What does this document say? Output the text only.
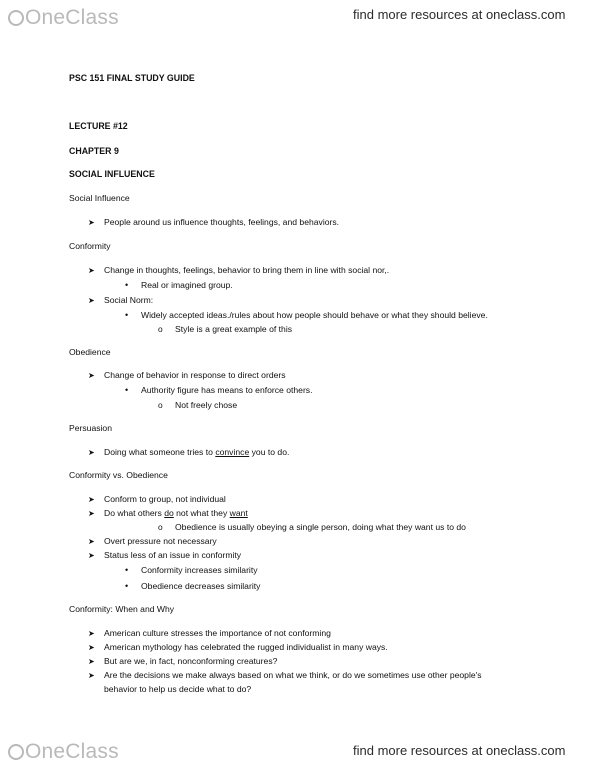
OneClass	find more resources at oneclass.com
PSC 151 FINAL STUDY GUIDE
LECTURE #12
CHAPTER 9
SOCIAL INFLUENCE
Social Influence
➤ People around us influence thoughts, feelings, and behaviors.
Conformity
➤ Change in thoughts, feelings, behavior to bring them in line with social nor,.
• Real or imagined group.
➤ Social Norm:
• Widely accepted ideas./rules about how people should behave or what they should believe.
o Style is a great example of this
Obedience
➤ Change of behavior in response to direct orders
• Authority figure has means to enforce others.
o Not freely chose
Persuasion
➤ Doing what someone tries to convince you to do.
Conformity vs. Obedience
➤ Conform to group, not individual
➤ Do what others do not what they want
o Obedience is usually obeying a single person, doing what they want us to do
➤ Overt pressure not necessary
➤ Status less of an issue in conformity
• Conformity increases similarity
• Obedience decreases similarity
Conformity: When and Why
➤ American culture stresses the importance of not conforming
➤ American mythology has celebrated the rugged individualist in many ways.
➤ But are we, in fact, nonconforming creatures?
➤ Are the decisions we make always based on what we think, or do we sometimes use other people's
behavior to help us decide what to do?
OneClass	find more resources at oneclass.com
